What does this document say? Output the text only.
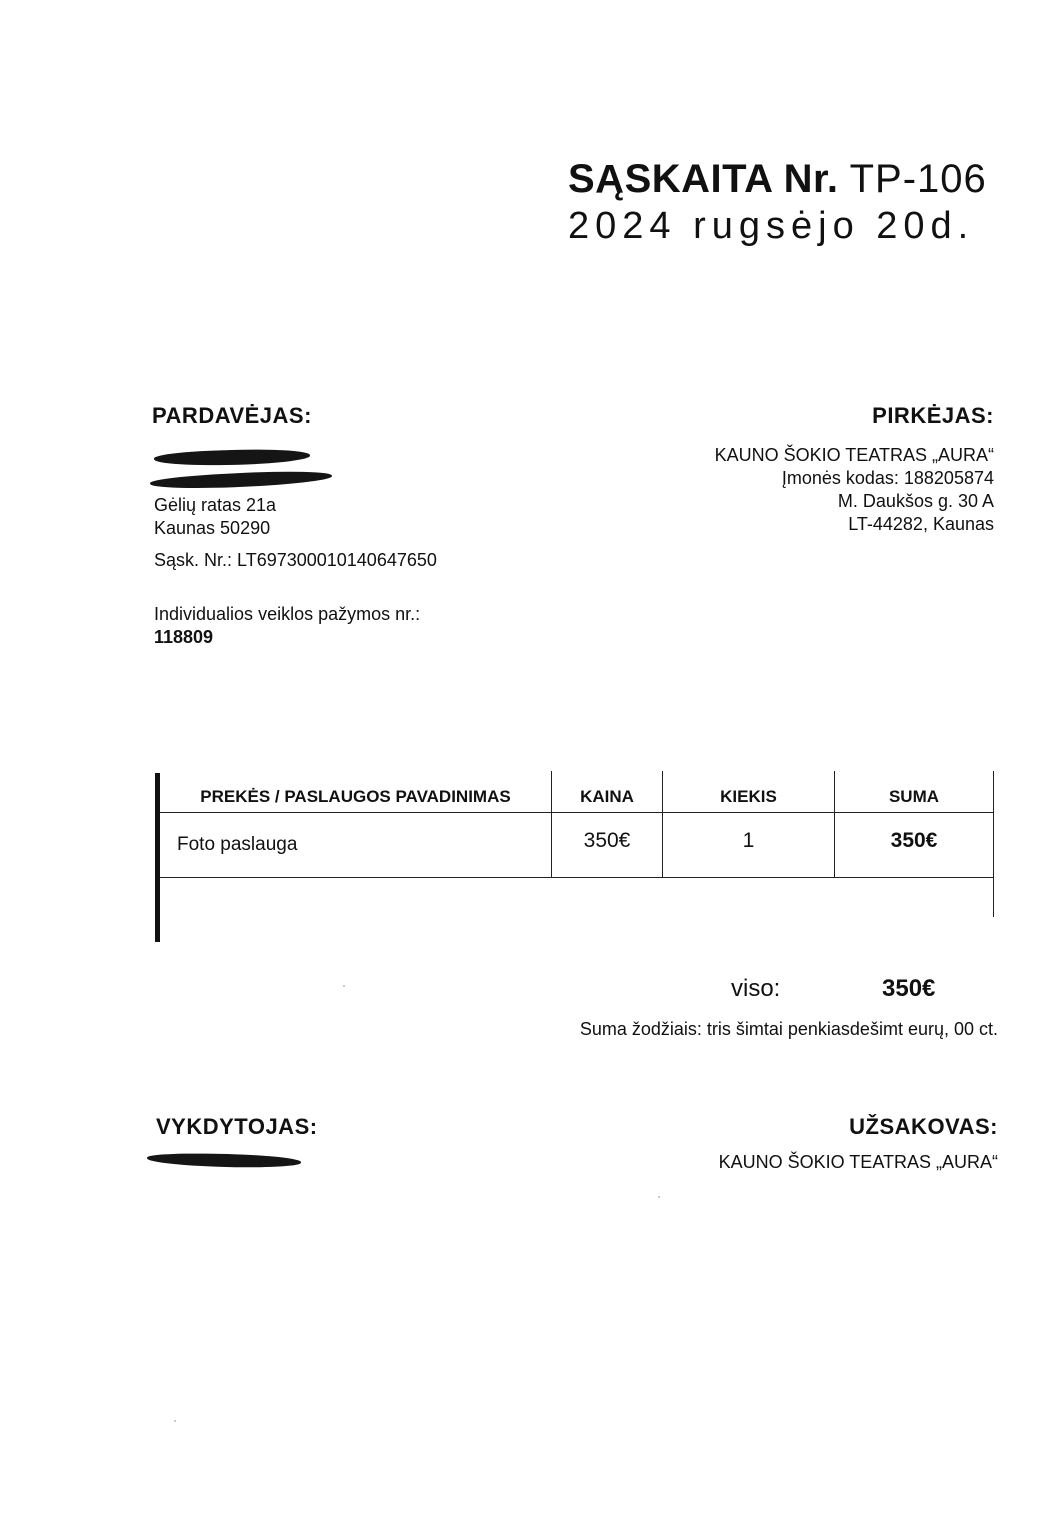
SĄSKAITA Nr. TP-106
2024 rugsėjo 20d.
PARDAVĖJAS:
Gėlių ratas 21a
Kaunas 50290
Sąsk. Nr.: LT697300010140647650
Individualios veiklos pažymos nr.:
118809
PIRKĖJAS:
KAUNO ŠOKIO TEATRAS „AURA“
Įmonės kodas: 188205874
M. Daukšos g. 30 A
LT-44282, Kaunas
PREKĖS / PASLAUGOS PAVADINIMAS	KAINA	KIEKIS	SUMA
Foto paslauga	350€	1	350€
viso:	350€
Suma žodžiais: tris šimtai penkiasdešimt eurų, 00 ct.
VYKDYTOJAS:	UŽSAKOVAS:
KAUNO ŠOKIO TEATRAS „AURA“
